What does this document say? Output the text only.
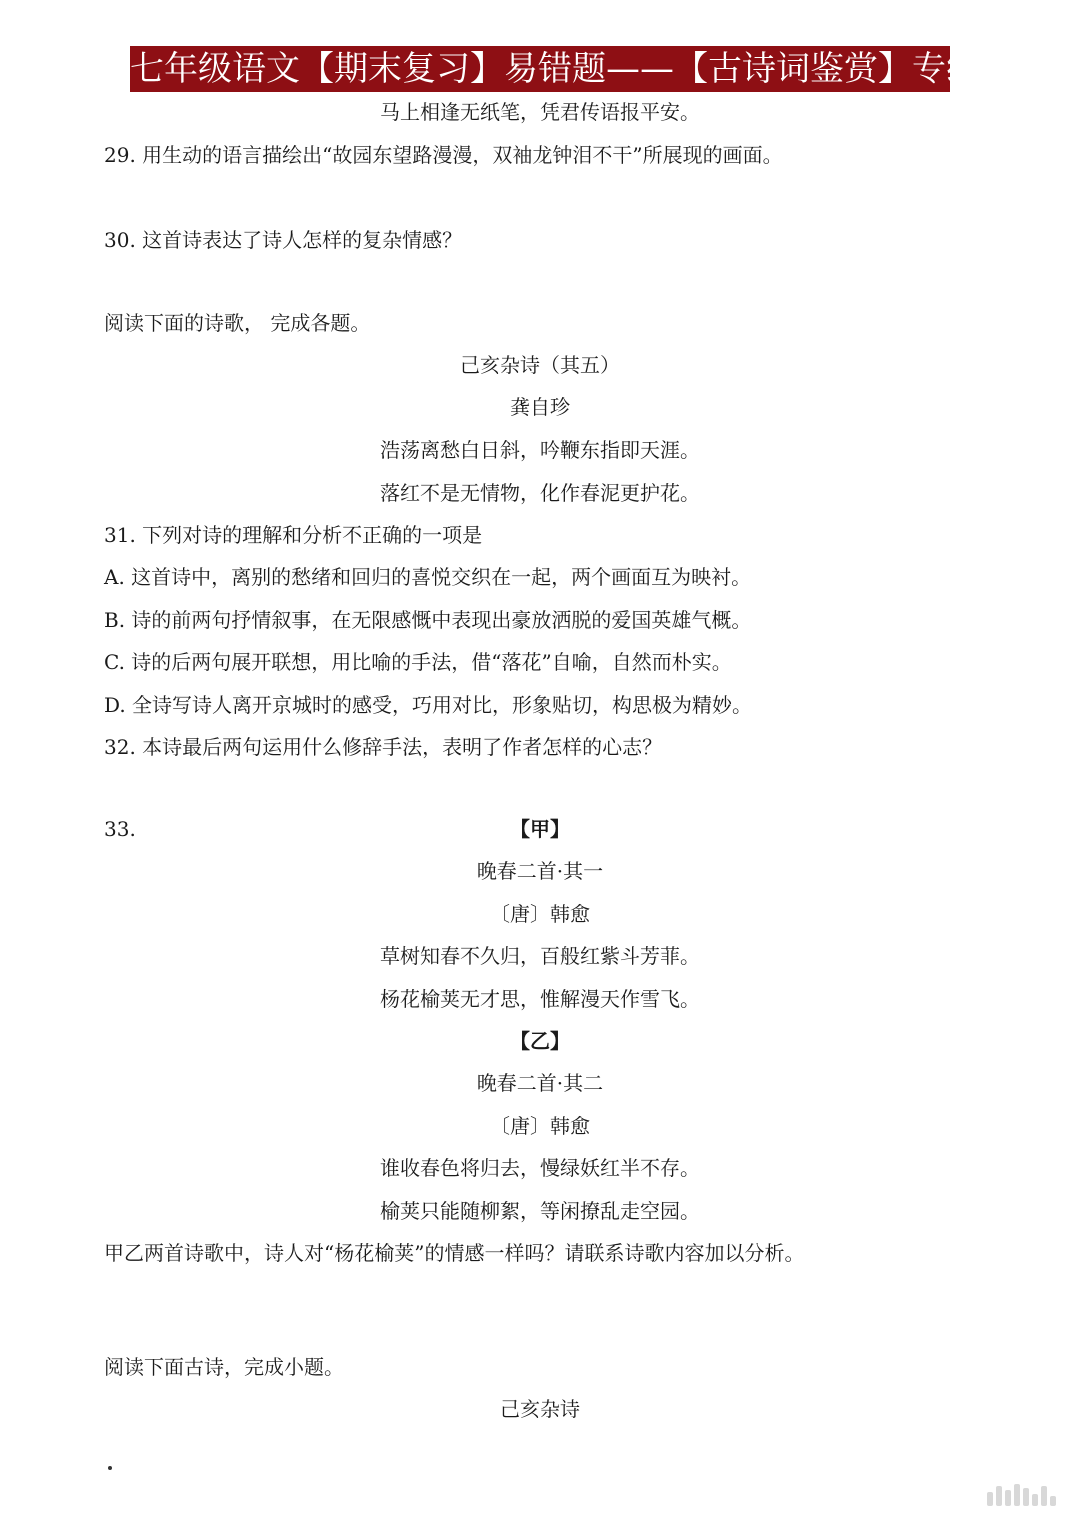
七年级语文【期末复习】易错题——【古诗词鉴赏】专练
马上相逢无纸笔，凭君传语报平安。
29. 用生动的语言描绘出“故园东望路漫漫，双袖龙钟泪不干”所展现的画面。
30. 这首诗表达了诗人怎样的复杂情感？
阅读下面的诗歌， 完成各题。
己亥杂诗（其五）
龚自珍
浩荡离愁白日斜，吟鞭东指即天涯。
落红不是无情物，化作春泥更护花。
31. 下列对诗的理解和分析不正确的一项是
A. 这首诗中，离别的愁绪和回归的喜悦交织在一起，两个画面互为映衬。
B. 诗的前两句抒情叙事，在无限感慨中表现出豪放洒脱的爱国英雄气概。
C. 诗的后两句展开联想，用比喻的手法，借“落花”自喻，自然而朴实。
D. 全诗写诗人离开京城时的感受，巧用对比，形象贴切，构思极为精妙。
32. 本诗最后两句运用什么修辞手法，表明了作者怎样的心志？
33.	【甲】
晚春二首·其一
〔唐〕韩愈
草树知春不久归，百般红紫斗芳菲。
杨花榆荚无才思，惟解漫天作雪飞。
【乙】
晚春二首·其二
〔唐〕韩愈
谁收春色将归去，慢绿妖红半不存。
榆荚只能随柳絮，等闲撩乱走空园。
甲乙两首诗歌中，诗人对“杨花榆荚”的情感一样吗？请联系诗歌内容加以分析。
阅读下面古诗，完成小题。
己亥杂诗
